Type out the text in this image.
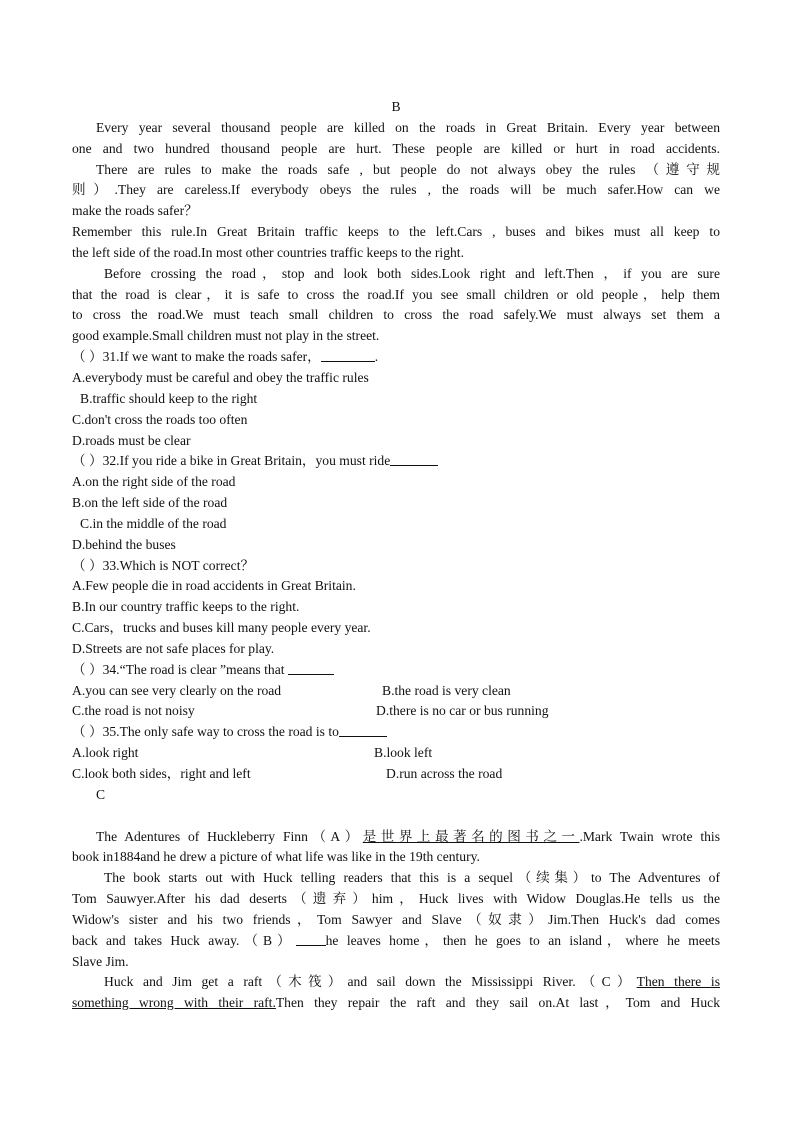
B
Every year several thousand people are killed on the roads in Great Britain. Every year between
one and two hundred thousand people are hurt. These people are killed or hurt in road accidents.
There are rules to make the roads safe , but people do not always obey the rules （遵守规
则）.They are careless.If everybody obeys the rules , the roads will be much safer.How can we
make the roads safer？
Remember this rule.In Great Britain traffic keeps to the left.Cars , buses and bikes must all keep to
the left side of the road.In most other countries traffic keeps to the right.
Before crossing the road，stop and look both sides.Look right and left.Then ，if you are sure
that the road is clear，it is safe to cross the road.If you see small children or old people，help them
to cross the road.We must teach small children to cross the road safely.We must always set them a
good example.Small children must not play in the street.
（ ）31.If we want to make the roads safer，	.
A.everybody must be careful and obey the traffic rules
B.traffic should keep to the right
C.don't cross the roads too often
D.roads must be clear
（ ）32.If you ride a bike in Great Britain，you must ride
A.on the right side of the road
B.on the left side of the road
C.in the middle of the road
D.behind the buses
（ ）33.Which is NOT correct？
A.Few people die in road accidents in Great Britain.
B.In our country traffic keeps to the right.
C.Cars，trucks and buses kill many people every year.
D.Streets are not safe places for play.
（ ）34.“The road is clear ”means that
A.you can see very clearly on the road	B.the road is very clean
C.the road is not noisy	D.there is no car or bus running
（ ）35.The only safe way to cross the road is to
A.look right	B.look left
C.look both sides，right and left	D.run across the road
C
The Adentures of Huckleberry Finn（A）是世界上最著名的图书之一.Mark Twain wrote this
book in1884and he drew a picture of what life was like in the 19th century.
The book starts out with Huck telling readers that this is a sequel（续集）to The Adventures of
Tom Sauwyer.After his dad deserts（遗弃）him，Huck lives with Widow Douglas.He tells us the
Widow's sister and his two friends，Tom Sawyer and Slave（奴隶）Jim.Then Huck's dad comes
back and takes Huck away.（B） he leaves home，then he goes to an island，where he meets
Slave Jim.
Huck and Jim get a raft（木筏）and sail down the Mississippi River.（C）Then there is
something wrong with their raft.Then they repair the raft and they sail on.At last，Tom and Huck
